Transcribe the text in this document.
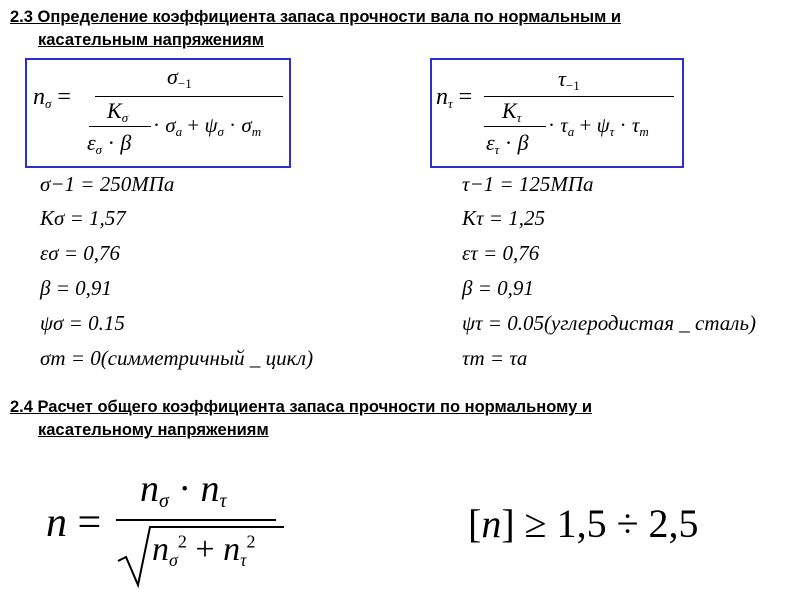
2.3 Определение коэффициента запаса прочности вала по нормальным и
касательным напряжениям
$n_\sigma$ =
$\sigma_{-1}$
$K_\sigma$
$\varepsilon_\sigma \cdot \beta$
· $\sigma_a + \psi_\sigma \cdot \sigma_m$
$n_\tau$ =
$\tau_{-1}$
$K_\tau$
$\varepsilon_\tau \cdot \beta$
· $\tau_a + \psi_\tau \cdot \tau_m$
σ−1 = 250МПа
Kσ = 1,57
εσ = 0,76
β = 0,91
ψσ = 0.15
σm = 0(симметричный _ цикл)
τ−1 = 125МПа
Kτ = 1,25
ετ = 0,76
β = 0,91
ψτ = 0.05(углеродистая _ сталь)
τm = τa
2.4 Расчет общего коэффициента запаса прочности по нормальному и
касательному напряжениям
n =
$n_\sigma \cdot n_\tau$
$n_\sigma^2 + n_\tau^2$	[n] ≥ 1,5 ÷ 2,5
